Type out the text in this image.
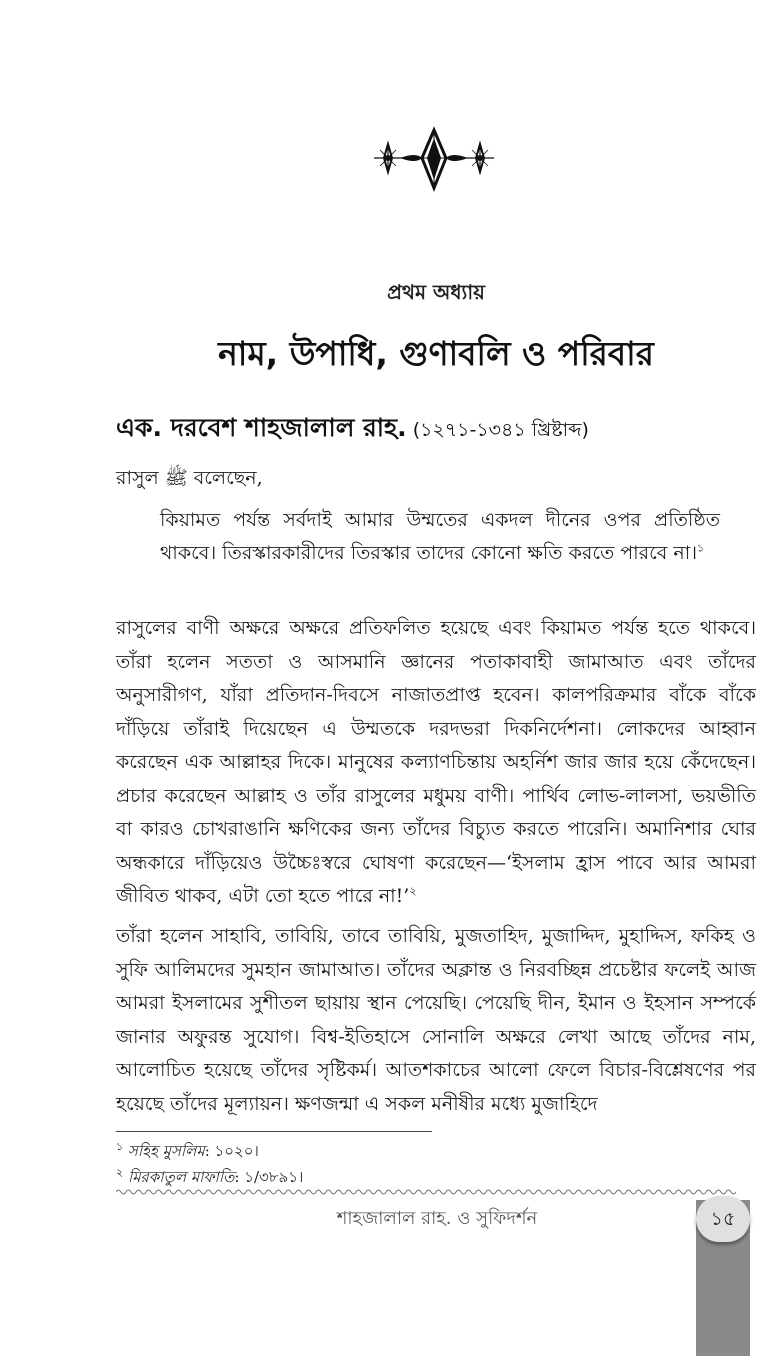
প্রথম অধ্যায়
নাম, উপাধি, গুণাবলি ও পরিবার
এক. দরবেশ শাহজালাল রাহ. (১২৭১-১৩৪১ খ্রিষ্টাব্দ)
রাসুল ﷺ বলেছেন,
কিয়ামত পর্যন্ত সর্বদাই আমার উম্মতের একদল দীনের ওপর প্রতিষ্ঠিত থাকবে। তিরস্কারকারীদের তিরস্কার তাদের কোনো ক্ষতি করতে পারবে না।$^১$
রাসুলের বাণী অক্ষরে অক্ষরে প্রতিফলিত হয়েছে এবং কিয়ামত পর্যন্ত হতে থাকবে। তাঁরা হলেন সততা ও আসমানি জ্ঞানের পতাকাবাহী জামাআত এবং তাঁদের অনুসারীগণ, যাঁরা প্রতিদান-দিবসে নাজাতপ্রাপ্ত হবেন। কালপরিক্রমার বাঁকে বাঁকে দাঁড়িয়ে তাঁরাই দিয়েছেন এ উম্মতকে দরদভরা দিকনির্দেশনা। লোকদের আহ্বান করেছেন এক আল্লাহর দিকে। মানুষের কল্যাণচিন্তায় অহর্নিশ জার জার হয়ে কেঁদেছেন। প্রচার করেছেন আল্লাহ ও তাঁর রাসুলের মধুময় বাণী। পার্থিব লোভ-লালসা, ভয়ভীতি বা কারও চোখরাঙানি ক্ষণিকের জন্য তাঁদের বিচ্যুত করতে পারেনি। অমানিশার ঘোর অন্ধকারে দাঁড়িয়েও উচ্চৈঃস্বরে ঘোষণা করেছেন—‘ইসলাম হ্রাস পাবে আর আমরা জীবিত থাকব, এটা তো হতে পারে না!’$^২$
তাঁরা হলেন সাহাবি, তাবিয়ি, তাবে তাবিয়ি, মুজতাহিদ, মুজাদ্দিদ, মুহাদ্দিস, ফকিহ ও সুফি আলিমদের সুমহান জামাআত। তাঁদের অক্লান্ত ও নিরবচ্ছিন্ন প্রচেষ্টার ফলেই আজ আমরা ইসলামের সুশীতল ছায়ায় স্থান পেয়েছি। পেয়েছি দীন, ইমান ও ইহসান সম্পর্কে জানার অফুরন্ত সুযোগ। বিশ্ব-ইতিহাসে সোনালি অক্ষরে লেখা আছে তাঁদের নাম, আলোচিত হয়েছে তাঁদের সৃষ্টিকর্ম। আতশকাচের আলো ফেলে বিচার-বিশ্লেষণের পর হয়েছে তাঁদের মূল্যায়ন। ক্ষণজন্মা এ সকল মনীষীর মধ্যে মুজাহিদে
$^১$ সহিহ মুসলিম: ১০২০।
$^২$ মিরকাতুল মাফাতি: ১/৩৮৯১।
শাহজালাল রাহ. ও সুফিদর্শন	১৫
